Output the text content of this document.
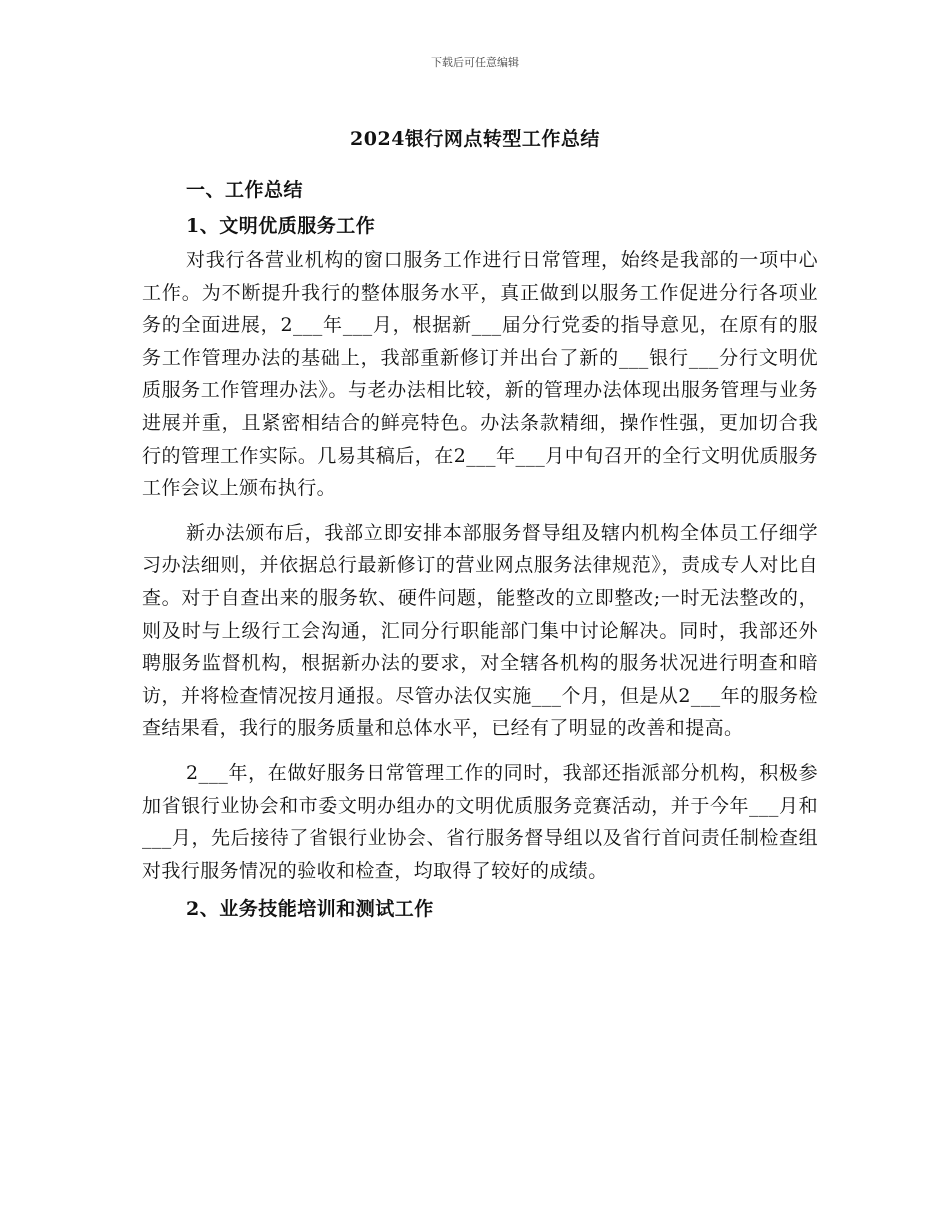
下载后可任意编辑
2024银行网点转型工作总结
一、工作总结
1、文明优质服务工作

对我行各营业机构的窗口服务工作进行日常管理，始终是我部的一项中心工作。为不断提升我行的整体服务水平，真正做到以服务工作促进分行各项业务的全面进展，2___年___月，根据新___届分行党委的指导意见，在原有的服务工作管理办法的基础上，我部重新修订并出台了新的___银行___分行文明优质服务工作管理办法》。与老办法相比较，新的管理办法体现出服务管理与业务进展并重，且紧密相结合的鲜亮特色。办法条款精细，操作性强，更加切合我行的管理工作实际。几易其稿后，在2___年___月中旬召开的全行文明优质服务工作会议上颁布执行。

新办法颁布后，我部立即安排本部服务督导组及辖内机构全体员工仔细学习办法细则，并依据总行最新修订的营业网点服务法律规范》，责成专人对比自查。对于自查出来的服务软、硬件问题，能整改的立即整改;一时无法整改的，则及时与上级行工会沟通，汇同分行职能部门集中讨论解决。同时，我部还外聘服务监督机构，根据新办法的要求，对全辖各机构的服务状况进行明查和暗访，并将检查情况按月通报。尽管办法仅实施___个月，但是从2___年的服务检查结果看，我行的服务质量和总体水平，已经有了明显的改善和提高。

2___年，在做好服务日常管理工作的同时，我部还指派部分机构，积极参加省银行业协会和市委文明办组办的文明优质服务竞赛活动，并于今年___月和___月，先后接待了省银行业协会、省行服务督导组以及省行首问责任制检查组对我行服务情况的验收和检查，均取得了较好的成绩。

2、业务技能培训和测试工作
